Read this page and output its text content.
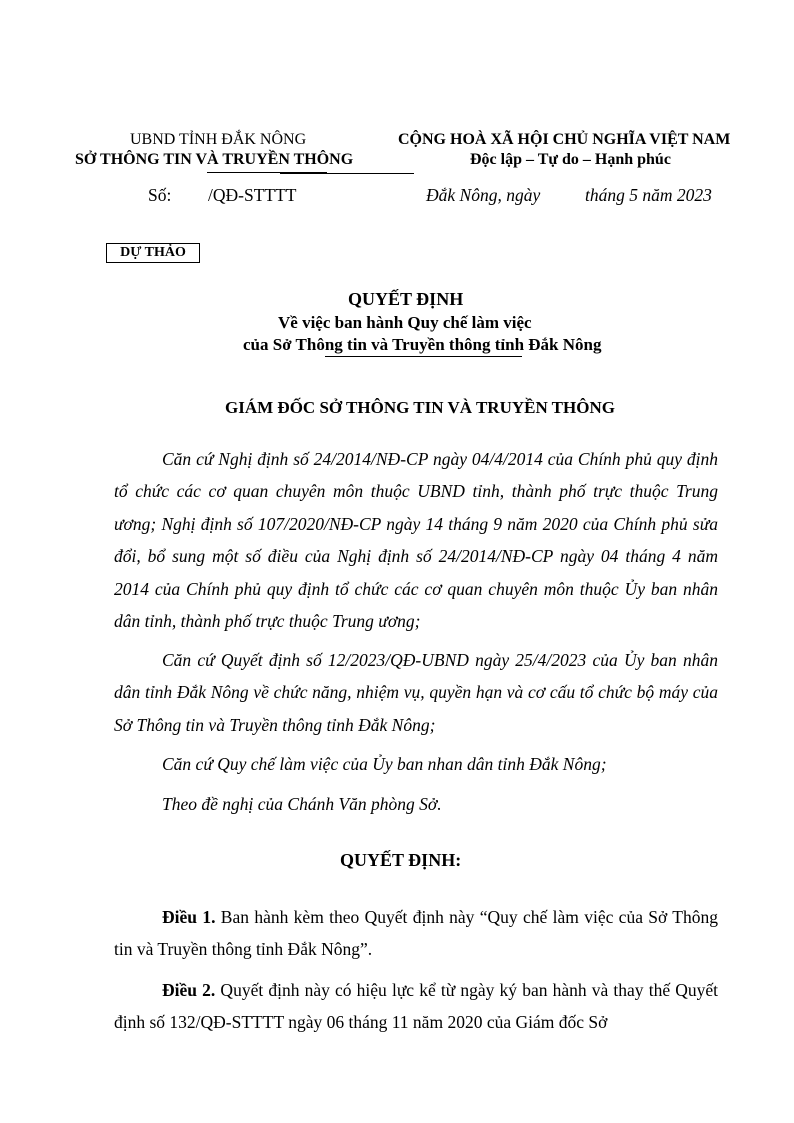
UBND TỈNH ĐẮK NÔNG
SỞ THÔNG TIN VÀ TRUYỀN THÔNG
CỘNG HOÀ XÃ HỘI CHỦ NGHĨA VIỆT NAM
Độc lập – Tự do – Hạnh phúc
Số: /QĐ-STTTT	Đắk Nông, ngày	tháng 5 năm 2023
DỰ THẢO
QUYẾT ĐỊNH
Về việc ban hành Quy chế làm việc
của Sở Thông tin và Truyền thông tỉnh Đắk Nông
GIÁM ĐỐC SỞ THÔNG TIN VÀ TRUYỀN THÔNG

Căn cứ Nghị định số 24/2014/NĐ-CP ngày 04/4/2014 của Chính phủ quy định tổ chức các cơ quan chuyên môn thuộc UBND tỉnh, thành phố trực thuộc Trung ương; Nghị định số 107/2020/NĐ-CP ngày 14 tháng 9 năm 2020 của Chính phủ sửa đổi, bổ sung một số điều của Nghị định số 24/2014/NĐ-CP ngày 04 tháng 4 năm 2014 của Chính phủ quy định tổ chức các cơ quan chuyên môn thuộc Ủy ban nhân dân tỉnh, thành phố trực thuộc Trung ương;

Căn cứ Quyết định số 12/2023/QĐ-UBND ngày 25/4/2023 của Ủy ban nhân dân tỉnh Đắk Nông về chức năng, nhiệm vụ, quyền hạn và cơ cấu tổ chức bộ máy của Sở Thông tin và Truyền thông tỉnh Đắk Nông;

Căn cứ Quy chế làm việc của Ủy ban nhan dân tỉnh Đắk Nông;

Theo đề nghị của Chánh Văn phòng Sở.

QUYẾT ĐỊNH:

Điều 1. Ban hành kèm theo Quyết định này “Quy chế làm việc của Sở Thông tin và Truyền thông tỉnh Đắk Nông”.

Điều 2. Quyết định này có hiệu lực kể từ ngày ký ban hành và thay thế Quyết định số 132/QĐ-STTTT ngày 06 tháng 11 năm 2020 của Giám đốc Sở
